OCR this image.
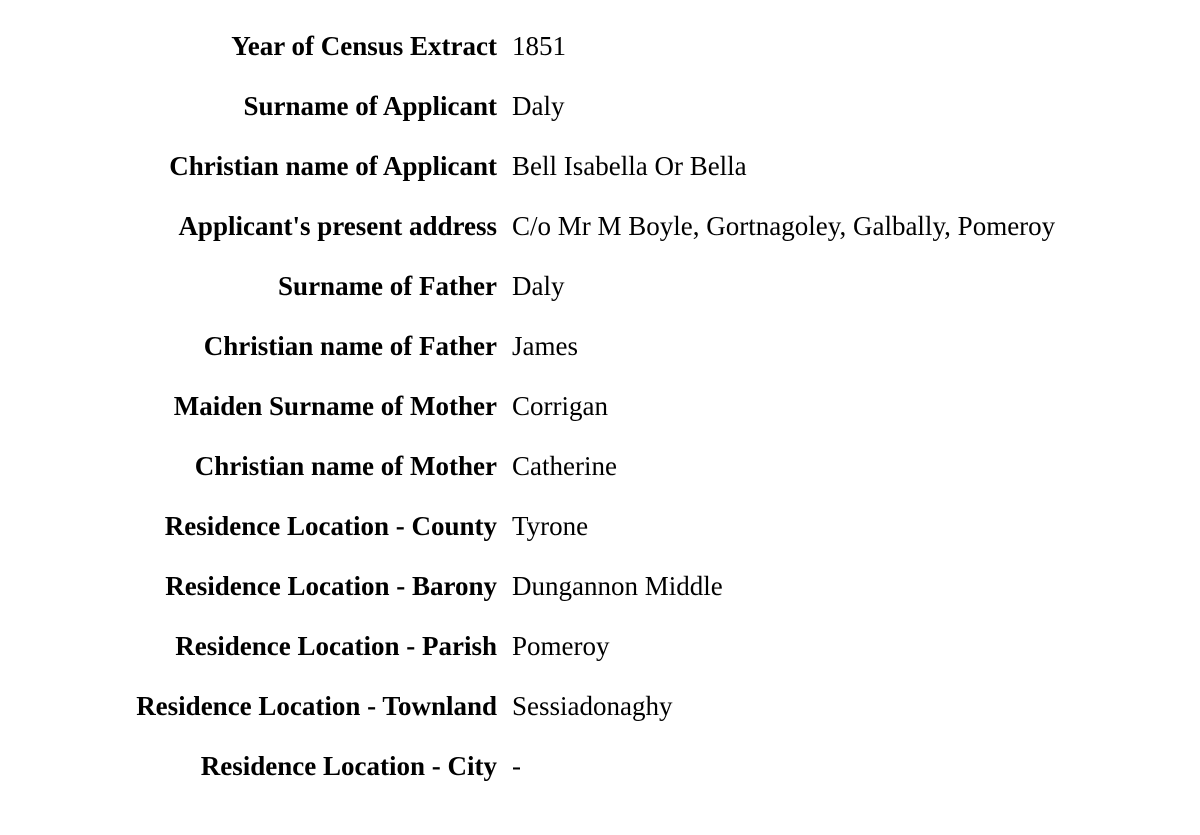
Year of Census Extract 1851
Surname of Applicant Daly
Christian name of Applicant Bell Isabella Or Bella
Applicant's present address C/o Mr M Boyle, Gortnagoley, Galbally, Pomeroy
Surname of Father Daly
Christian name of Father James
Maiden Surname of Mother Corrigan
Christian name of Mother Catherine
Residence Location - County Tyrone
Residence Location - Barony Dungannon Middle
Residence Location - Parish Pomeroy
Residence Location - Townland Sessiadonaghy
Residence Location - City -
